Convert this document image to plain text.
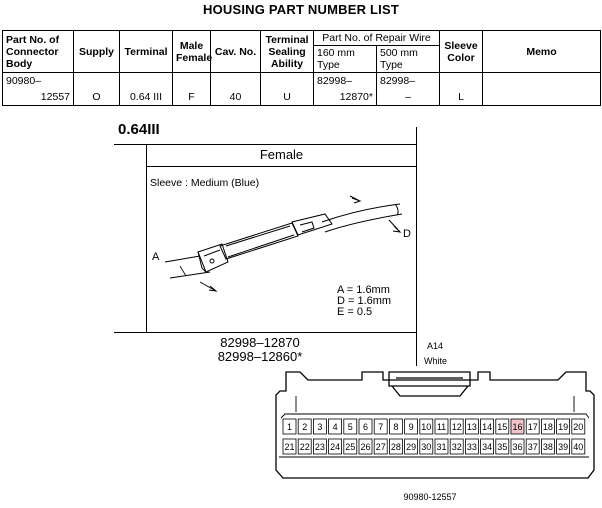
HOUSING PART NUMBER LIST
Part No. of Connector Body	Supply	Terminal	Male Female	Cav. No.	Terminal Sealing Ability	Part No. of Repair Wire		Sleeve Color	Memo
						160 mm Type	500 mm Type		
90980–						82998–	82998–		
12557	O	0.64 III	F	40	U	12870*	–	L	
0.64III
Female
Sleeve : Medium (Blue)
A
D
1 2 3 4 5 6 7 8 9 10 11 12 13 14 15 16 17 18 19 20
21 22 23 24 25 26 27 28 29 30 31 32 33 34 35 36 37 38 39 40
A = 1.6mm
D = 1.6mm
E = 0.5
82998–12870
82998–12860*
A14
White
90980-12557
